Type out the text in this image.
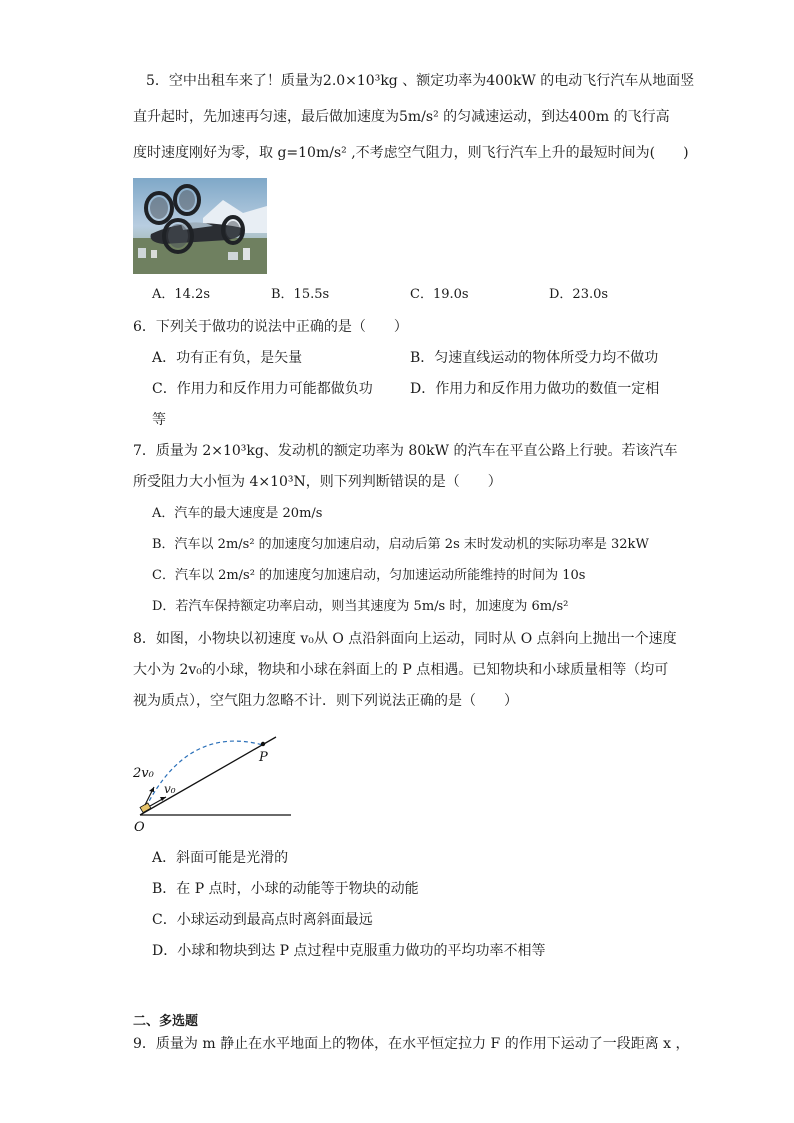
5．空中出租车来了！质量为2.0×10³kg 、额定功率为400kW 的电动飞行汽车从地面竖
直升起时，先加速再匀速，最后做加速度为5m/s² 的匀减速运动，到达400m 的飞行高
度时速度刚好为零，取 g=10m/s² ,不考虑空气阻力，则飞行汽车上升的最短时间为(　　)
A．14.2s	B．15.5s	C．19.0s	D．23.0s
6．下列关于做功的说法中正确的是（　　）
A．功有正有负，是矢量	B．匀速直线运动的物体所受力均不做功
C．作用力和反作用力可能都做负功	D．作用力和反作用力做功的数值一定相
等
7．质量为 2×10³kg、发动机的额定功率为 80kW 的汽车在平直公路上行驶。若该汽车
所受阻力大小恒为 4×10³N，则下列判断错误的是（　　）
A．汽车的最大速度是 20m/s
B．汽车以 2m/s² 的加速度匀加速启动，启动后第 2s 末时发动机的实际功率是 32kW
C．汽车以 2m/s² 的加速度匀加速启动，匀加速运动所能维持的时间为 10s
D．若汽车保持额定功率启动，则当其速度为 5m/s 时，加速度为 6m/s²
8．如图，小物块以初速度 v₀从 O 点沿斜面向上运动，同时从 O 点斜向上抛出一个速度
大小为 2v₀的小球，物块和小球在斜面上的 P 点相遇。已知物块和小球质量相等（均可
视为质点），空气阻力忽略不计．则下列说法正确的是（　　）
P
O
2v₀
v₀
A．斜面可能是光滑的
B．在 P 点时，小球的动能等于物块的动能
C．小球运动到最高点时离斜面最远
D．小球和物块到达 P 点过程中克服重力做功的平均功率不相等
二、多选题
9．质量为 m 静止在水平地面上的物体，在水平恒定拉力 F 的作用下运动了一段距离 x ，
